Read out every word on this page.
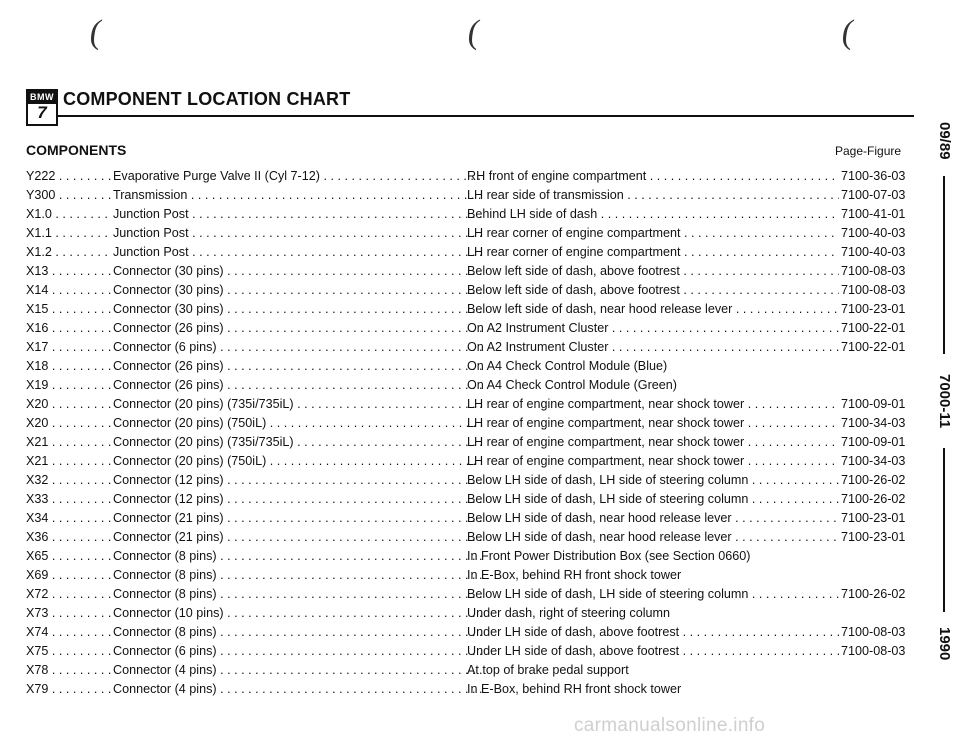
(	(	(
BMW
7
COMPONENT LOCATION CHART
COMPONENTS	Page-Figure
Y222 . . .	Evaporative Purge Valve II (Cyl 7-12) . . .	RH front of engine compartment . . .	7100-36-03
Y300 . . .	Transmission . . .	LH rear side of transmission . . .	7100-07-03
X1.0 . . .	Junction Post . . .	Behind LH side of dash . . .	7100-41-01
X1.1 . . .	Junction Post . . .	LH rear corner of engine compartment . . .	7100-40-03
X1.2 . . .	Junction Post . . .	LH rear corner of engine compartment . . .	7100-40-03
X13 . . .	Connector (30 pins) . . .	Below left side of dash, above footrest . . .	7100-08-03
X14 . . .	Connector (30 pins) . . .	Below left side of dash, above footrest . . .	7100-08-03
X15 . . .	Connector (30 pins) . . .	Below left side of dash, near hood release lever . . .	7100-23-01
X16 . . .	Connector (26 pins) . . .	On A2 Instrument Cluster . . .	7100-22-01
X17 . . .	Connector (6 pins) . . .	On A2 Instrument Cluster . . .	7100-22-01
X18 . . .	Connector (26 pins) . . .	On A4 Check Control Module (Blue)
X19 . . .	Connector (26 pins) . . .	On A4 Check Control Module (Green)
X20 . . .	Connector (20 pins) (735i/735iL) . . .	LH rear of engine compartment, near shock tower . . .	7100-09-01
X20 . . .	Connector (20 pins) (750iL) . . .	LH rear of engine compartment, near shock tower . . .	7100-34-03
X21 . . .	Connector (20 pins) (735i/735iL) . . .	LH rear of engine compartment, near shock tower . . .	7100-09-01
X21 . . .	Connector (20 pins) (750iL) . . .	LH rear of engine compartment, near shock tower . . .	7100-34-03
X32 . . .	Connector (12 pins) . . .	Below LH side of dash, LH side of steering column . . .	7100-26-02
X33 . . .	Connector (12 pins) . . .	Below LH side of dash, LH side of steering column . . .	7100-26-02
X34 . . .	Connector (21 pins) . . .	Below LH side of dash, near hood release lever . . .	7100-23-01
X36 . . .	Connector (21 pins) . . .	Below LH side of dash, near hood release lever . . .	7100-23-01
X65 . . .	Connector (8 pins) . . .	In Front Power Distribution Box (see Section 0660)
X69 . . .	Connector (8 pins) . . .	In E-Box, behind RH front shock tower
X72 . . .	Connector (8 pins) . . .	Below LH side of dash, LH side of steering column . . .	7100-26-02
X73 . . .	Connector (10 pins) . . .	Under dash, right of steering column
X74 . . .	Connector (8 pins) . . .	Under LH side of dash, above footrest . . .	7100-08-03
X75 . . .	Connector (6 pins) . . .	Under LH side of dash, above footrest . . .	7100-08-03
X78 . . .	Connector (4 pins) . . .	At top of brake pedal support
X79 . . .	Connector (4 pins) . . .	In E-Box, behind RH front shock tower
09/89
7000-11
1990
carmanualsonline.info
